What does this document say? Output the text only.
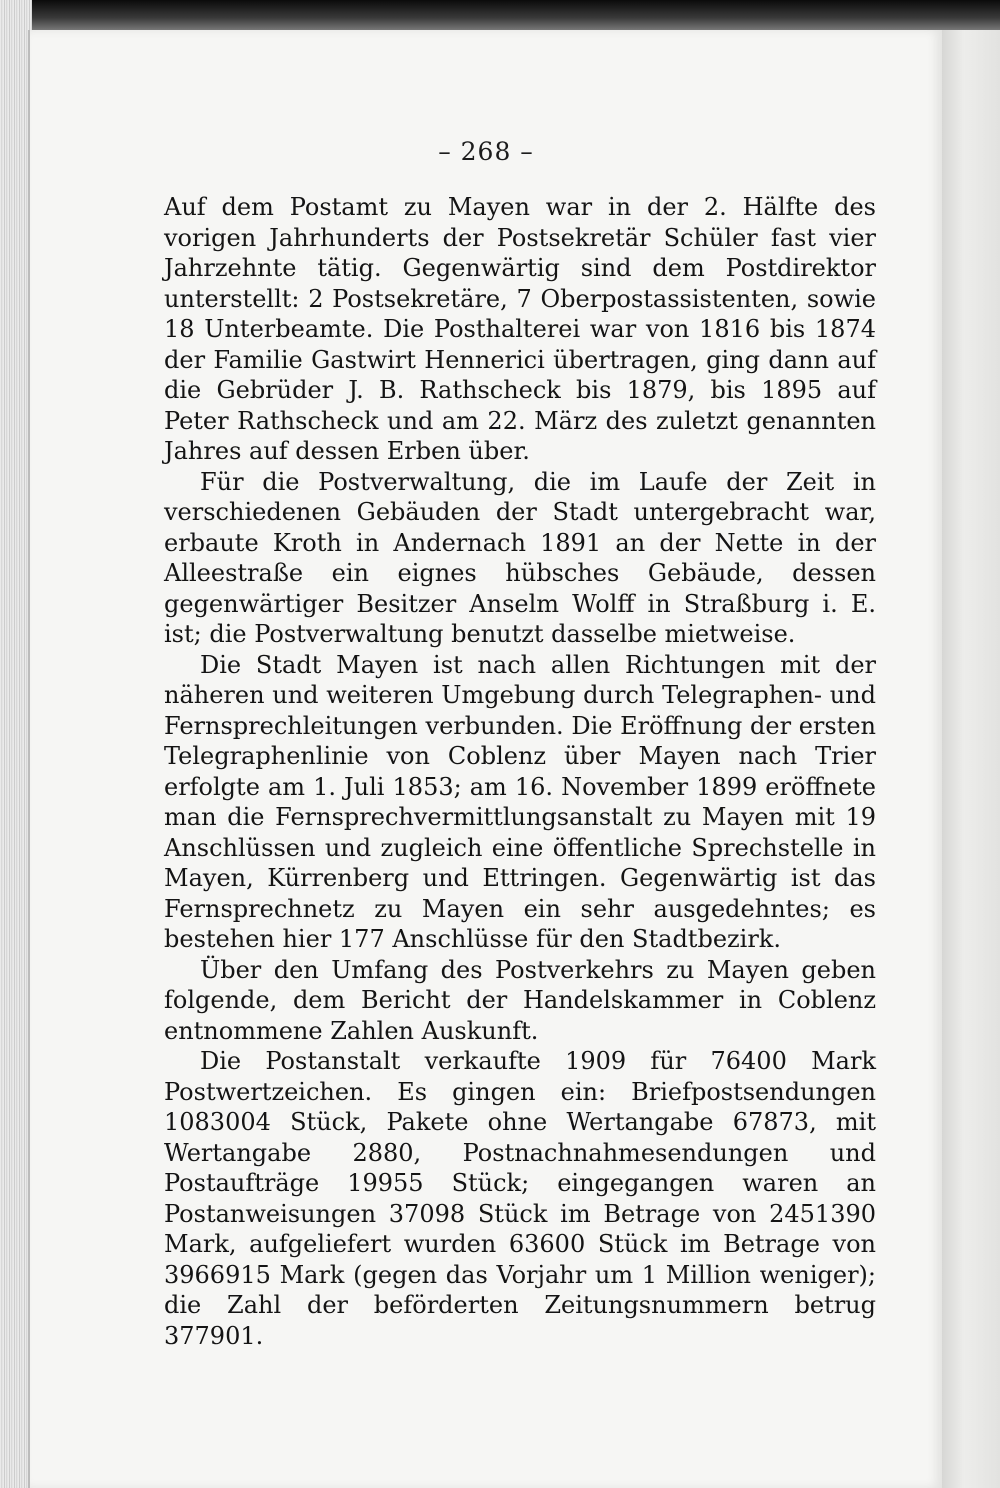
– 268 –

Auf dem Postamt zu Mayen war in der 2. Hälfte des vorigen Jahrhunderts der Postsekretär Schüler fast vier Jahrzehnte tätig. Gegenwärtig sind dem Postdirektor unterstellt: 2 Postsekretäre, 7 Oberpostassistenten, sowie 18 Unterbeamte. Die Posthalterei war von 1816 bis 1874 der Familie Gastwirt Hennerici übertragen, ging dann auf die Gebrüder J. B. Rathscheck bis 1879, bis 1895 auf Peter Rathscheck und am 22. März des zuletzt genannten Jahres auf dessen Erben über.

Für die Postverwaltung, die im Laufe der Zeit in verschiedenen Gebäuden der Stadt untergebracht war, erbaute Kroth in Andernach 1891 an der Nette in der Alleestraße ein eignes hübsches Gebäude, dessen gegenwärtiger Besitzer Anselm Wolff in Straßburg i. E. ist; die Postverwaltung benutzt dasselbe mietweise.

Die Stadt Mayen ist nach allen Richtungen mit der näheren und weiteren Umgebung durch Telegraphen- und Fernsprechleitungen verbunden. Die Eröffnung der ersten Telegraphenlinie von Coblenz über Mayen nach Trier erfolgte am 1. Juli 1853; am 16. November 1899 eröffnete man die Fernsprechvermittlungsanstalt zu Mayen mit 19 Anschlüssen und zugleich eine öffentliche Sprechstelle in Mayen, Kürrenberg und Ettringen. Gegenwärtig ist das Fernsprechnetz zu Mayen ein sehr ausgedehntes; es bestehen hier 177 Anschlüsse für den Stadtbezirk.

Über den Umfang des Postverkehrs zu Mayen geben folgende, dem Bericht der Handelskammer in Coblenz entnommene Zahlen Auskunft.

Die Postanstalt verkaufte 1909 für 76400 Mark Postwertzeichen. Es gingen ein: Briefpostsendungen 1083004 Stück, Pakete ohne Wertangabe 67873, mit Wertangabe 2880, Postnachnahmesendungen und Postaufträge 19955 Stück; eingegangen waren an Postanweisungen 37098 Stück im Betrage von 2451390 Mark, aufgeliefert wurden 63600 Stück im Betrage von 3966915 Mark (gegen das Vorjahr um 1 Million weniger); die Zahl der beförderten Zeitungsnummern betrug 377901.
